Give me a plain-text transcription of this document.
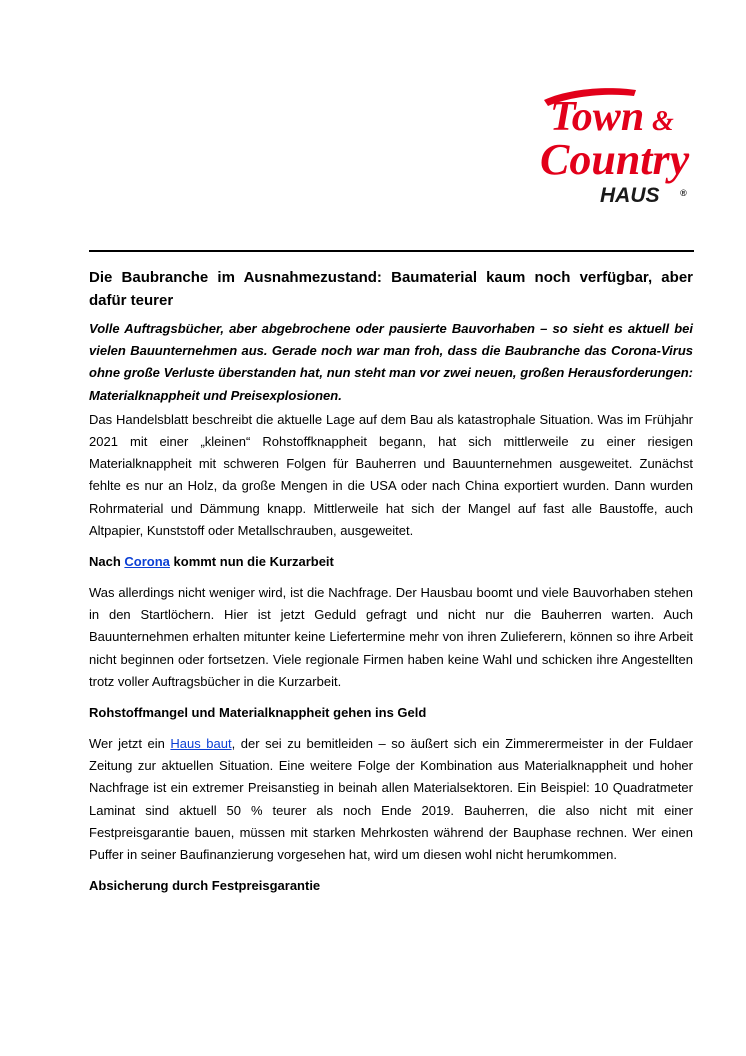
Town &
Country
HAUS ®
Die Baubranche im Ausnahmezustand: Baumaterial kaum noch verfügbar, aber dafür teurer

Volle Auftragsbücher, aber abgebrochene oder pausierte Bauvorhaben – so sieht es aktuell bei vielen Bauunternehmen aus. Gerade noch war man froh, dass die Baubranche das Corona-Virus ohne große Verluste überstanden hat, nun steht man vor zwei neuen, großen Herausforderungen: Materialknappheit und Preisexplosionen.

Das Handelsblatt beschreibt die aktuelle Lage auf dem Bau als katastrophale Situation. Was im Frühjahr 2021 mit einer „kleinen“ Rohstoffknappheit begann, hat sich mittlerweile zu einer riesigen Materialknappheit mit schweren Folgen für Bauherren und Bauunternehmen ausgeweitet. Zunächst fehlte es nur an Holz, da große Mengen in die USA oder nach China exportiert wurden. Dann wurden Rohrmaterial und Dämmung knapp. Mittlerweile hat sich der Mangel auf fast alle Baustoffe, auch Altpapier, Kunststoff oder Metallschrauben, ausgeweitet.

Nach Corona kommt nun die Kurzarbeit

Was allerdings nicht weniger wird, ist die Nachfrage. Der Hausbau boomt und viele Bauvorhaben stehen in den Startlöchern. Hier ist jetzt Geduld gefragt und nicht nur die Bauherren warten. Auch Bauunternehmen erhalten mitunter keine Liefertermine mehr von ihren Zulieferern, können so ihre Arbeit nicht beginnen oder fortsetzen. Viele regionale Firmen haben keine Wahl und schicken ihre Angestellten trotz voller Auftragsbücher in die Kurzarbeit.

Rohstoffmangel und Materialknappheit gehen ins Geld

Wer jetzt ein Haus baut, der sei zu bemitleiden – so äußert sich ein Zimmerermeister in der Fuldaer Zeitung zur aktuellen Situation. Eine weitere Folge der Kombination aus Materialknappheit und hoher Nachfrage ist ein extremer Preisanstieg in beinah allen Materialsektoren. Ein Beispiel: 10 Quadratmeter Laminat sind aktuell 50 % teurer als noch Ende 2019. Bauherren, die also nicht mit einer Festpreisgarantie bauen, müssen mit starken Mehrkosten während der Bauphase rechnen. Wer einen Puffer in seiner Baufinanzierung vorgesehen hat, wird um diesen wohl nicht herumkommen.

Absicherung durch Festpreisgarantie
